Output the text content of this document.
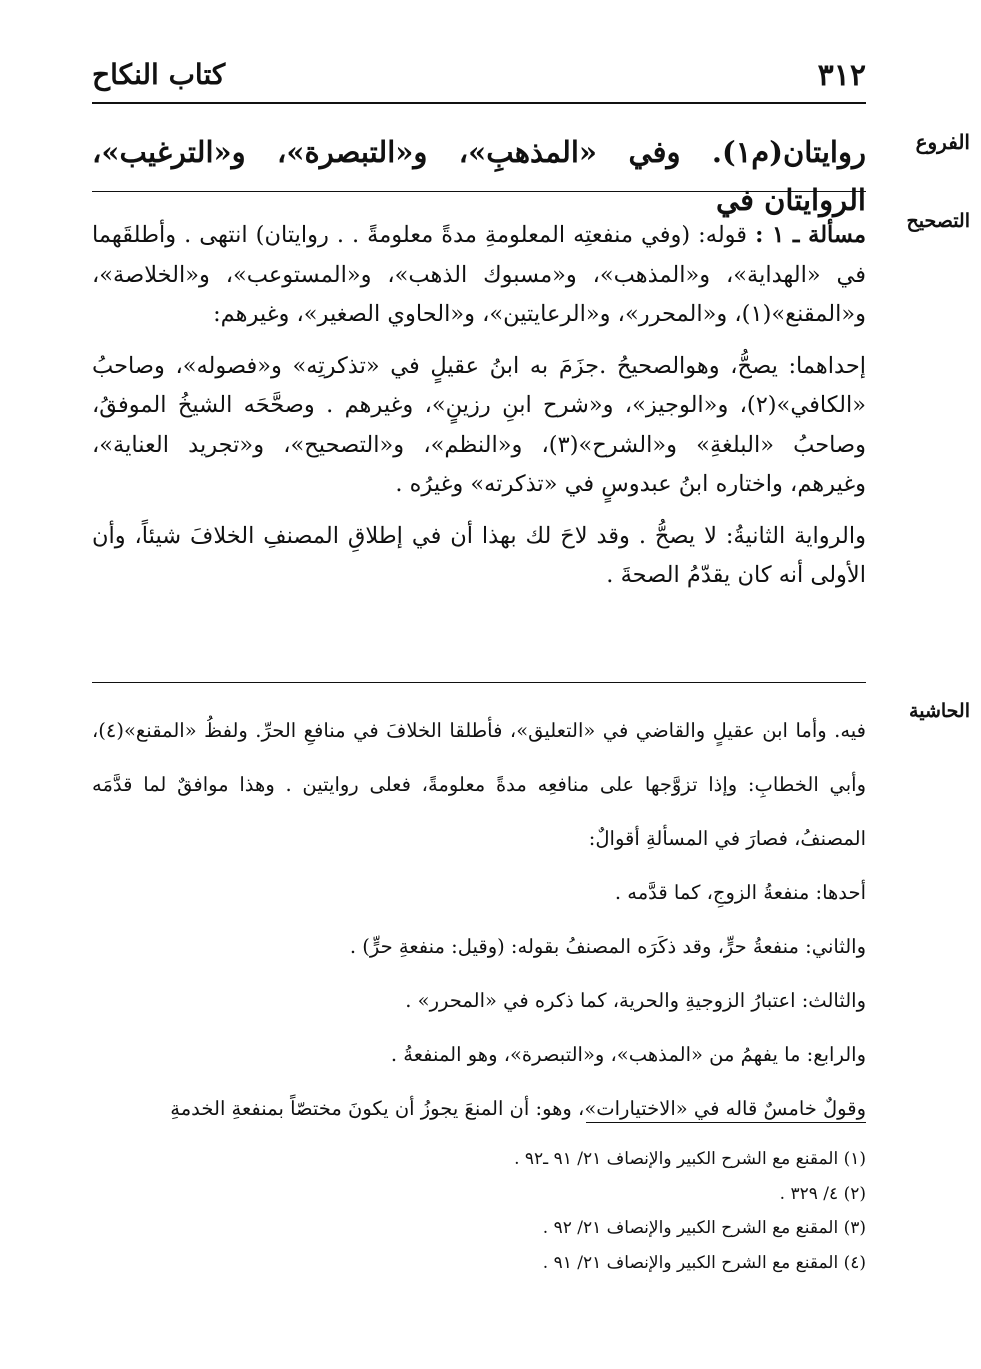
٣١٢
كتاب النكاح
الفروع
روايتان(م١). وفي «المذهبِ»، و«التبصرة»، و«الترغيب»، الروايتان في
التصحيح

مسألة ـ ١ : قوله: (وفي منفعتِه المعلومةِ مدةً معلومةً . . روايتان) انتهى . وأطلقَهما في «الهداية»، و«المذهب»، و«مسبوك الذهب»، و«المستوعب»، و«الخلاصة»، و«المقنع»(١)، و«المحرر»، و«الرعايتين»، و«الحاوي الصغير»، وغيرهم:

إحداهما: يصحُّ، وهوالصحيحُ .جزَمَ به ابنُ عقيلٍ في «تذكرتِه» و«فصوله»، وصاحبُ «الكافي»(٢)، و«الوجيز»، و«شرح ابنِ رزينٍ»، وغيرهم . وصحَّحَه الشيخُ الموفقُ، وصاحبُ «البلغةِ» و«الشرح»(٣)، و«النظم»، و«التصحيح»، و«تجريد العناية»، وغيرهم، واختاره ابنُ عبدوسٍ في «تذكرته» وغيرُه .

والرواية الثانيةُ: لا يصحُّ . وقد لاحَ لك بهذا أن في إطلاقِ المصنفِ الخلافَ شيئاً، وأن الأولى أنه كان يقدّمُ الصحةَ .

الحاشية

فيه. وأما ابن عقيلٍ والقاضي في «التعليق»، فأطلقا الخلافَ في منافعِ الحرِّ. ولفظُ «المقنع»(٤)، وأبي الخطابِ: وإذا تزوَّجها على منافعِه مدةً معلومةً، فعلى روايتين . وهذا موافقٌ لما قدَّمَه المصنفُ، فصارَ في المسألةِ أقوالٌ:

أحدها: منفعةُ الزوجِ، كما قدَّمه .

والثاني: منفعةُ حرٍّ، وقد ذكَرَه المصنفُ بقوله: (وقيل: منفعةِ حرٍّ) .

والثالث: اعتبارُ الزوجيةِ والحرية، كما ذكره في «المحرر» .

والرابع: ما يفهمُ من «المذهب»، و«التبصرة»، وهو المنفعةُ .

وقولٌ خامسٌ قاله في «الاختيارات»، وهو: أن المنعَ يجوزُ أن يكونَ مختصّاً بمنفعةِ الخدمةِ

(١) المقنع مع الشرح الكبير والإنصاف ٢١/ ٩١ ـ٩٢ .
(٢) ٤/ ٣٢٩ .
(٣) المقنع مع الشرح الكبير والإنصاف ٢١/ ٩٢ .
(٤) المقنع مع الشرح الكبير والإنصاف ٢١/ ٩١ .
